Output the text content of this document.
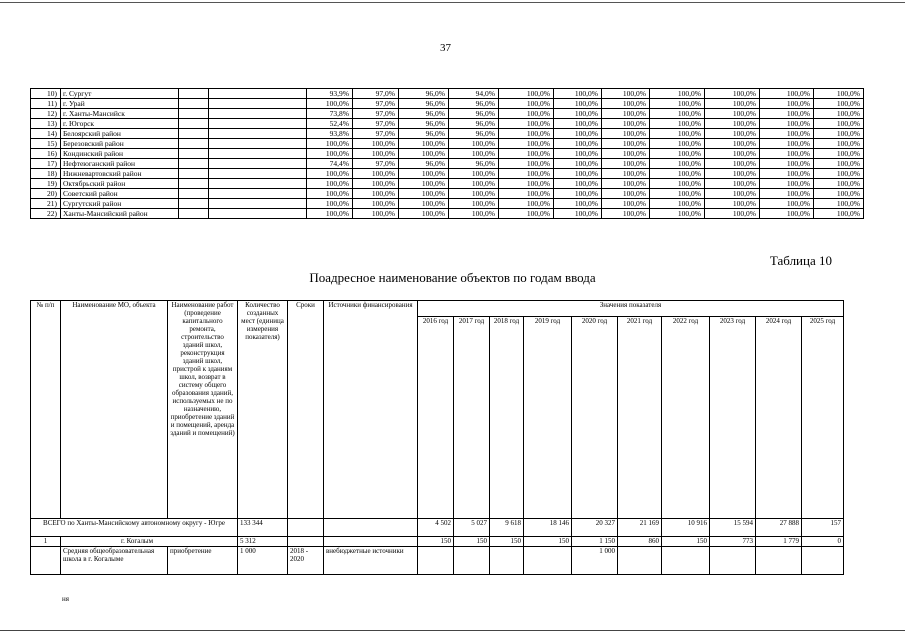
37
10)	г. Сургут			93,9%	97,0%	96,0%	94,0%	100,0%	100,0%	100,0%	100,0%	100,0%	100,0%	100,0%
11)	г. Урай			100,0%	97,0%	96,0%	96,0%	100,0%	100,0%	100,0%	100,0%	100,0%	100,0%	100,0%
12)	г. Ханты-Мансийск			73,8%	97,0%	96,0%	96,0%	100,0%	100,0%	100,0%	100,0%	100,0%	100,0%	100,0%
13)	г. Югорск			52,4%	97,0%	96,0%	96,0%	100,0%	100,0%	100,0%	100,0%	100,0%	100,0%	100,0%
14)	Белоярский район			93,8%	97,0%	96,0%	96,0%	100,0%	100,0%	100,0%	100,0%	100,0%	100,0%	100,0%
15)	Березовский район			100,0%	100,0%	100,0%	100,0%	100,0%	100,0%	100,0%	100,0%	100,0%	100,0%	100,0%
16)	Кондинский район			100,0%	100,0%	100,0%	100,0%	100,0%	100,0%	100,0%	100,0%	100,0%	100,0%	100,0%
17)	Нефтеюганский район			74,4%	97,0%	96,0%	96,0%	100,0%	100,0%	100,0%	100,0%	100,0%	100,0%	100,0%
18)	Нижневартовский район			100,0%	100,0%	100,0%	100,0%	100,0%	100,0%	100,0%	100,0%	100,0%	100,0%	100,0%
19)	Октябрьский район			100,0%	100,0%	100,0%	100,0%	100,0%	100,0%	100,0%	100,0%	100,0%	100,0%	100,0%
20)	Советский район			100,0%	100,0%	100,0%	100,0%	100,0%	100,0%	100,0%	100,0%	100,0%	100,0%	100,0%
21)	Сургутский район			100,0%	100,0%	100,0%	100,0%	100,0%	100,0%	100,0%	100,0%	100,0%	100,0%	100,0%
22)	Ханты-Мансийский район			100,0%	100,0%	100,0%	100,0%	100,0%	100,0%	100,0%	100,0%	100,0%	100,0%	100,0%
Таблица 10
Поадресное наименование объектов по годам ввода
№ п/п	Наименование МО, объекта	Наименование работ (проведение капитального ремонта, строительство зданий школ, реконструкция зданий школ, пристрой к зданиям школ, возврат в систему общего образования зданий, используемых не по назначению, приобретение зданий и помещений, аренда зданий и помещений)	Количество созданных мест (единица измерения показателя)	Сроки	Источники финансирования	Значения показателя									
						2016 год	2017 год	2018 год	2019 год	2020 год	2021 год	2022 год	2023 год	2024 год	2025 год
ВСЕГО по Ханты-Мансийскому автономному округу - Югре			133 344			4 502	5 027	9 618	18 146	20 327	21 169	10 916	15 594	27 888	157
1	г. Когалым		5 312			150	150	150	150	1 150	860	150	773	1 779	0
	Средняя общеобразовательная школа в г. Когалыме	приобретение	1 000	2018 - 2020	внебюджетные источники					1 000					
ня
